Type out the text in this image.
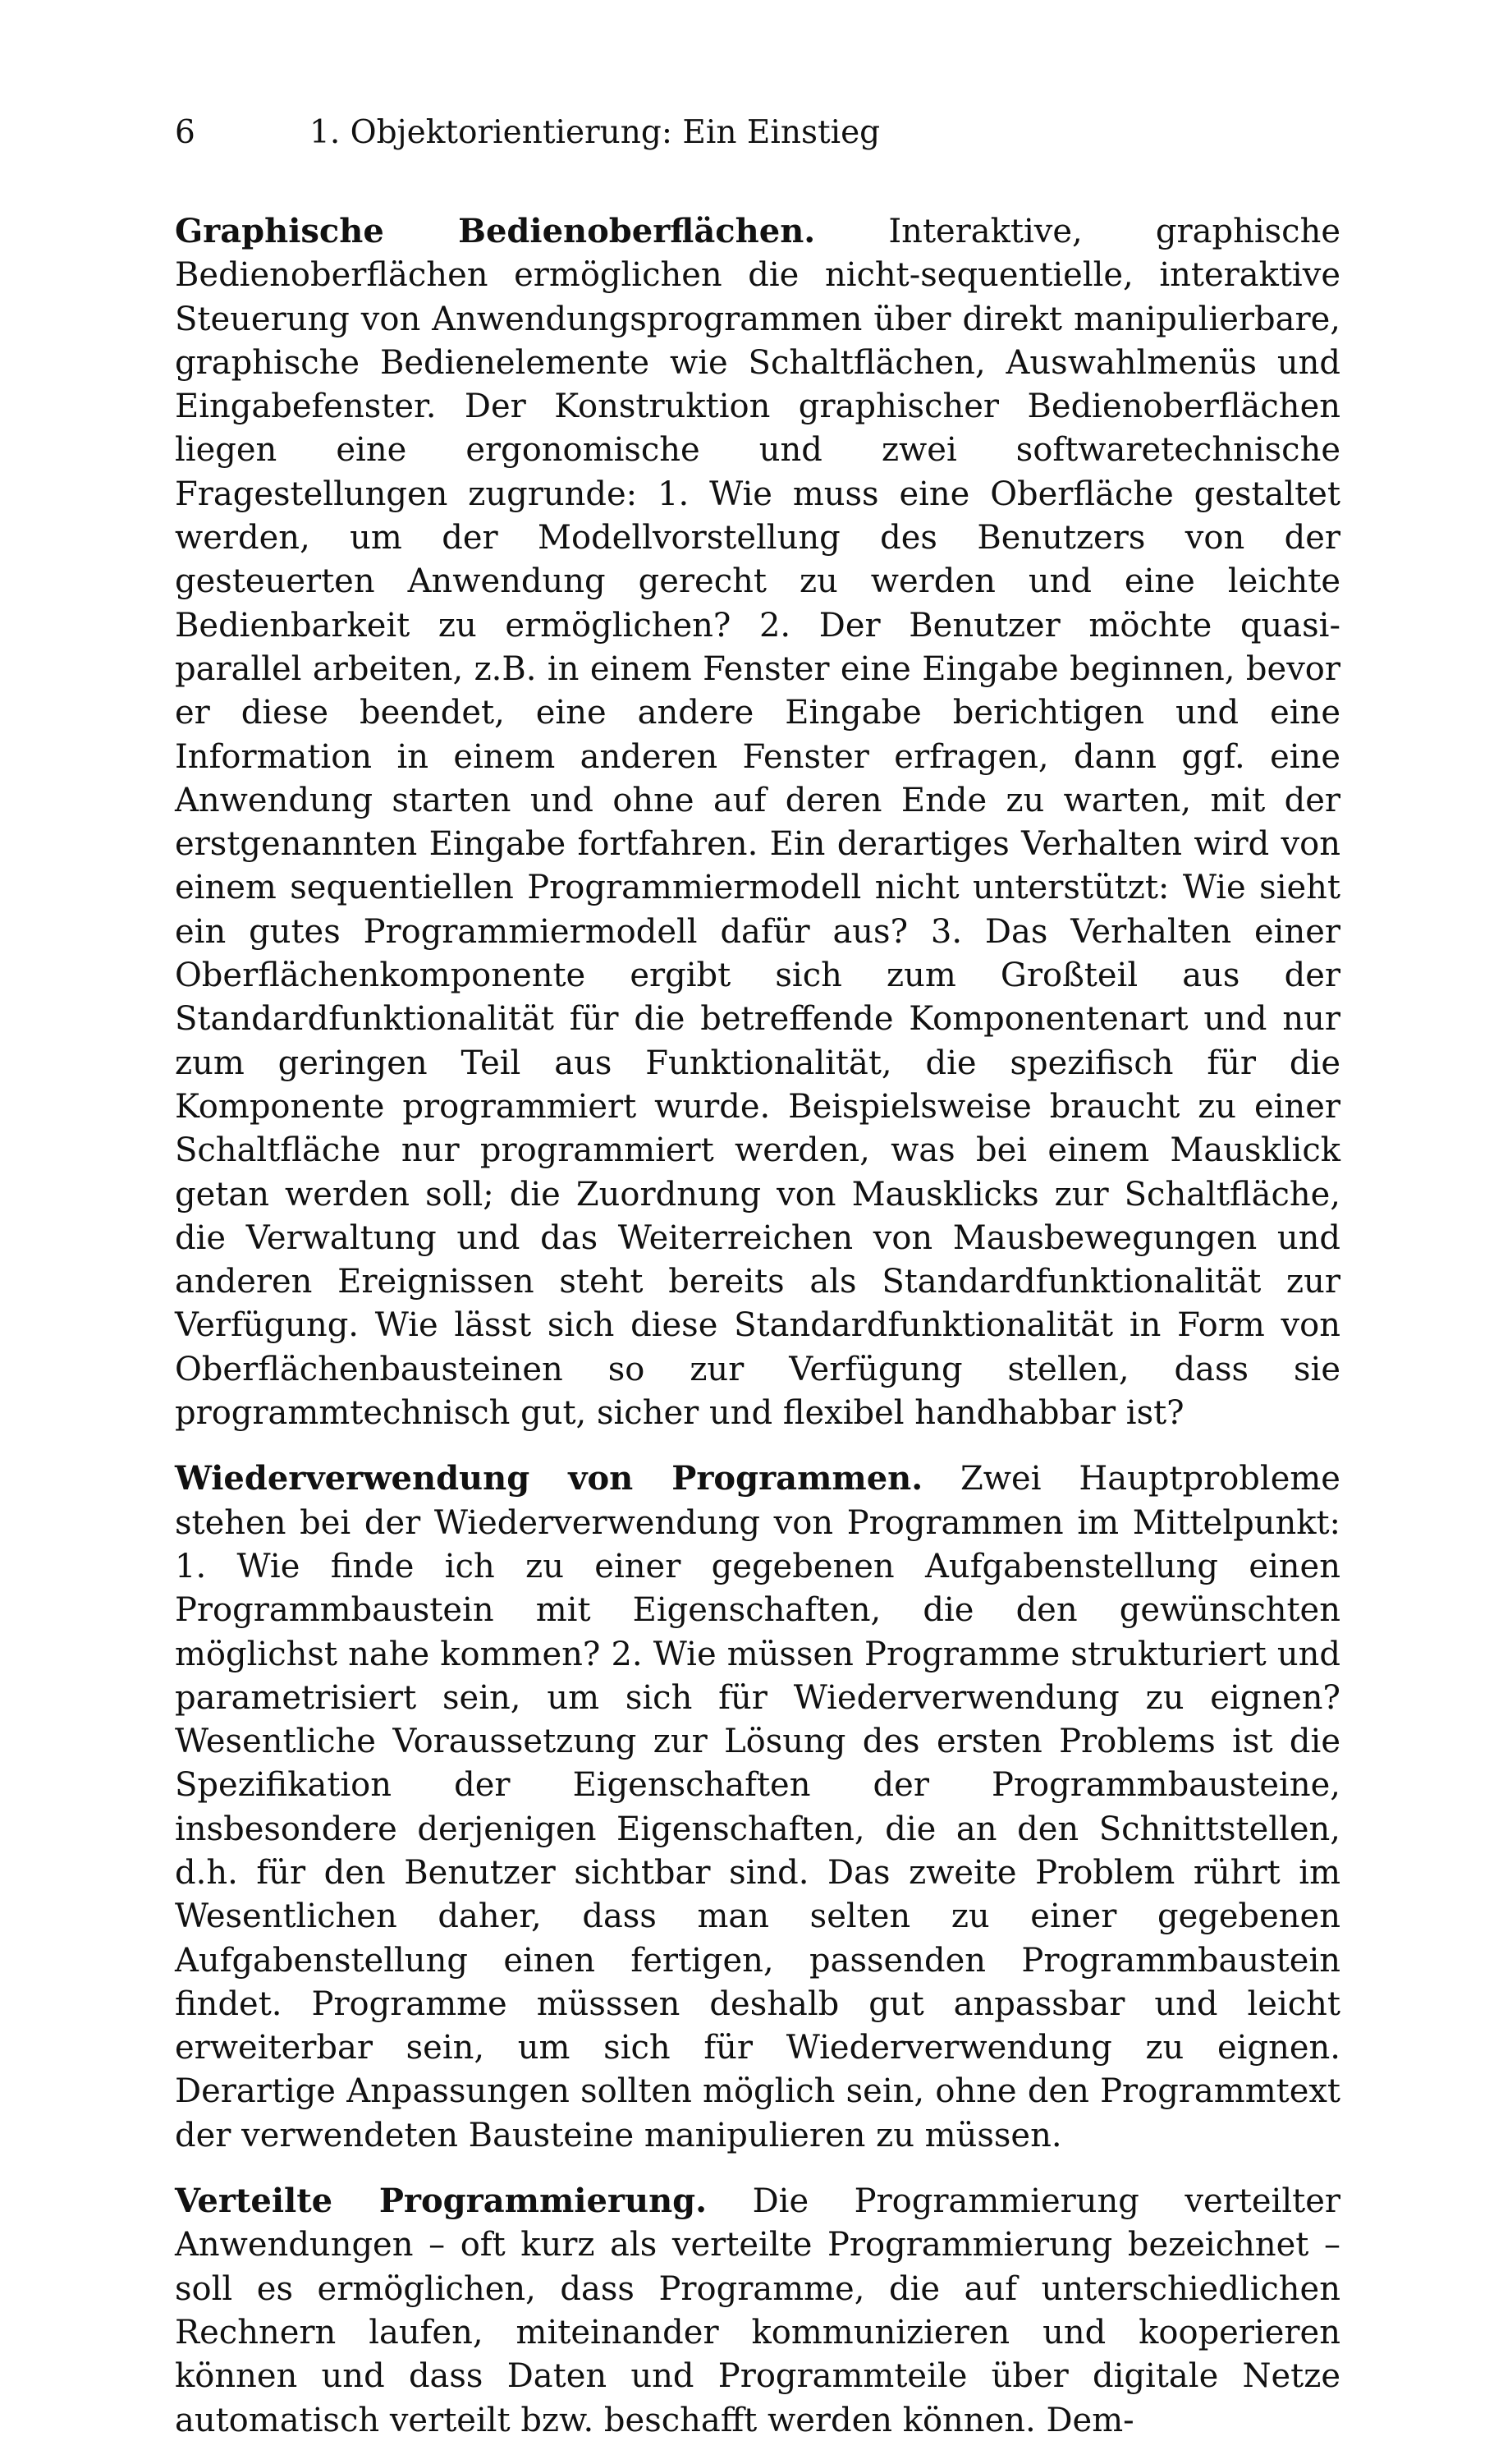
6	1. Objektorientierung: Ein Einstieg

Graphische Bedienoberflächen. Interaktive, graphische Bedienoberflächen ermöglichen die nicht-sequentielle, interaktive Steuerung von Anwendungsprogrammen über direkt manipulierbare, graphische Bedienelemente wie Schaltflächen, Auswahlmenüs und Eingabefenster. Der Konstruktion graphischer Bedienoberflächen liegen eine ergonomische und zwei softwaretechnische Fragestellungen zugrunde: 1. Wie muss eine Oberfläche gestaltet werden, um der Modellvorstellung des Benutzers von der gesteuerten Anwendung gerecht zu werden und eine leichte Bedienbarkeit zu ermöglichen? 2. Der Benutzer möchte quasi-parallel arbeiten, z.B. in einem Fenster eine Eingabe beginnen, bevor er diese beendet, eine andere Eingabe berichtigen und eine Information in einem anderen Fenster erfragen, dann ggf. eine Anwendung starten und ohne auf deren Ende zu warten, mit der erstgenannten Eingabe fortfahren. Ein derartiges Verhalten wird von einem sequentiellen Programmiermodell nicht unterstützt: Wie sieht ein gutes Programmiermodell dafür aus? 3. Das Verhalten einer Oberflächenkomponente ergibt sich zum Großteil aus der Standardfunktionalität für die betreffende Komponentenart und nur zum geringen Teil aus Funktionalität, die spezifisch für die Komponente programmiert wurde. Beispielsweise braucht zu einer Schaltfläche nur programmiert werden, was bei einem Mausklick getan werden soll; die Zuordnung von Mausklicks zur Schaltfläche, die Verwaltung und das Weiterreichen von Mausbewegungen und anderen Ereignissen steht bereits als Standardfunktionalität zur Verfügung. Wie lässt sich diese Standardfunktionalität in Form von Oberflächenbausteinen so zur Verfügung stellen, dass sie programmtechnisch gut, sicher und flexibel handhabbar ist?

Wiederverwendung von Programmen. Zwei Hauptprobleme stehen bei der Wiederverwendung von Programmen im Mittelpunkt: 1. Wie finde ich zu einer gegebenen Aufgabenstellung einen Programmbaustein mit Eigenschaften, die den gewünschten möglichst nahe kommen? 2. Wie müssen Programme strukturiert und parametrisiert sein, um sich für Wiederverwendung zu eignen? Wesentliche Voraussetzung zur Lösung des ersten Problems ist die Spezifikation der Eigenschaften der Programmbausteine, insbesondere derjenigen Eigenschaften, die an den Schnittstellen, d.h. für den Benutzer sichtbar sind. Das zweite Problem rührt im Wesentlichen daher, dass man selten zu einer gegebenen Aufgabenstellung einen fertigen, passenden Programmbaustein findet. Programme müsssen deshalb gut anpassbar und leicht erweiterbar sein, um sich für Wiederverwendung zu eignen. Derartige Anpassungen sollten möglich sein, ohne den Programmtext der verwendeten Bausteine manipulieren zu müssen.

Verteilte Programmierung. Die Programmierung verteilter Anwendungen – oft kurz als verteilte Programmierung bezeichnet – soll es ermöglichen, dass Programme, die auf unterschiedlichen Rechnern laufen, miteinander kommunizieren und kooperieren können und dass Daten und Programmteile über digitale Netze automatisch verteilt bzw. beschafft werden können. Dem-
